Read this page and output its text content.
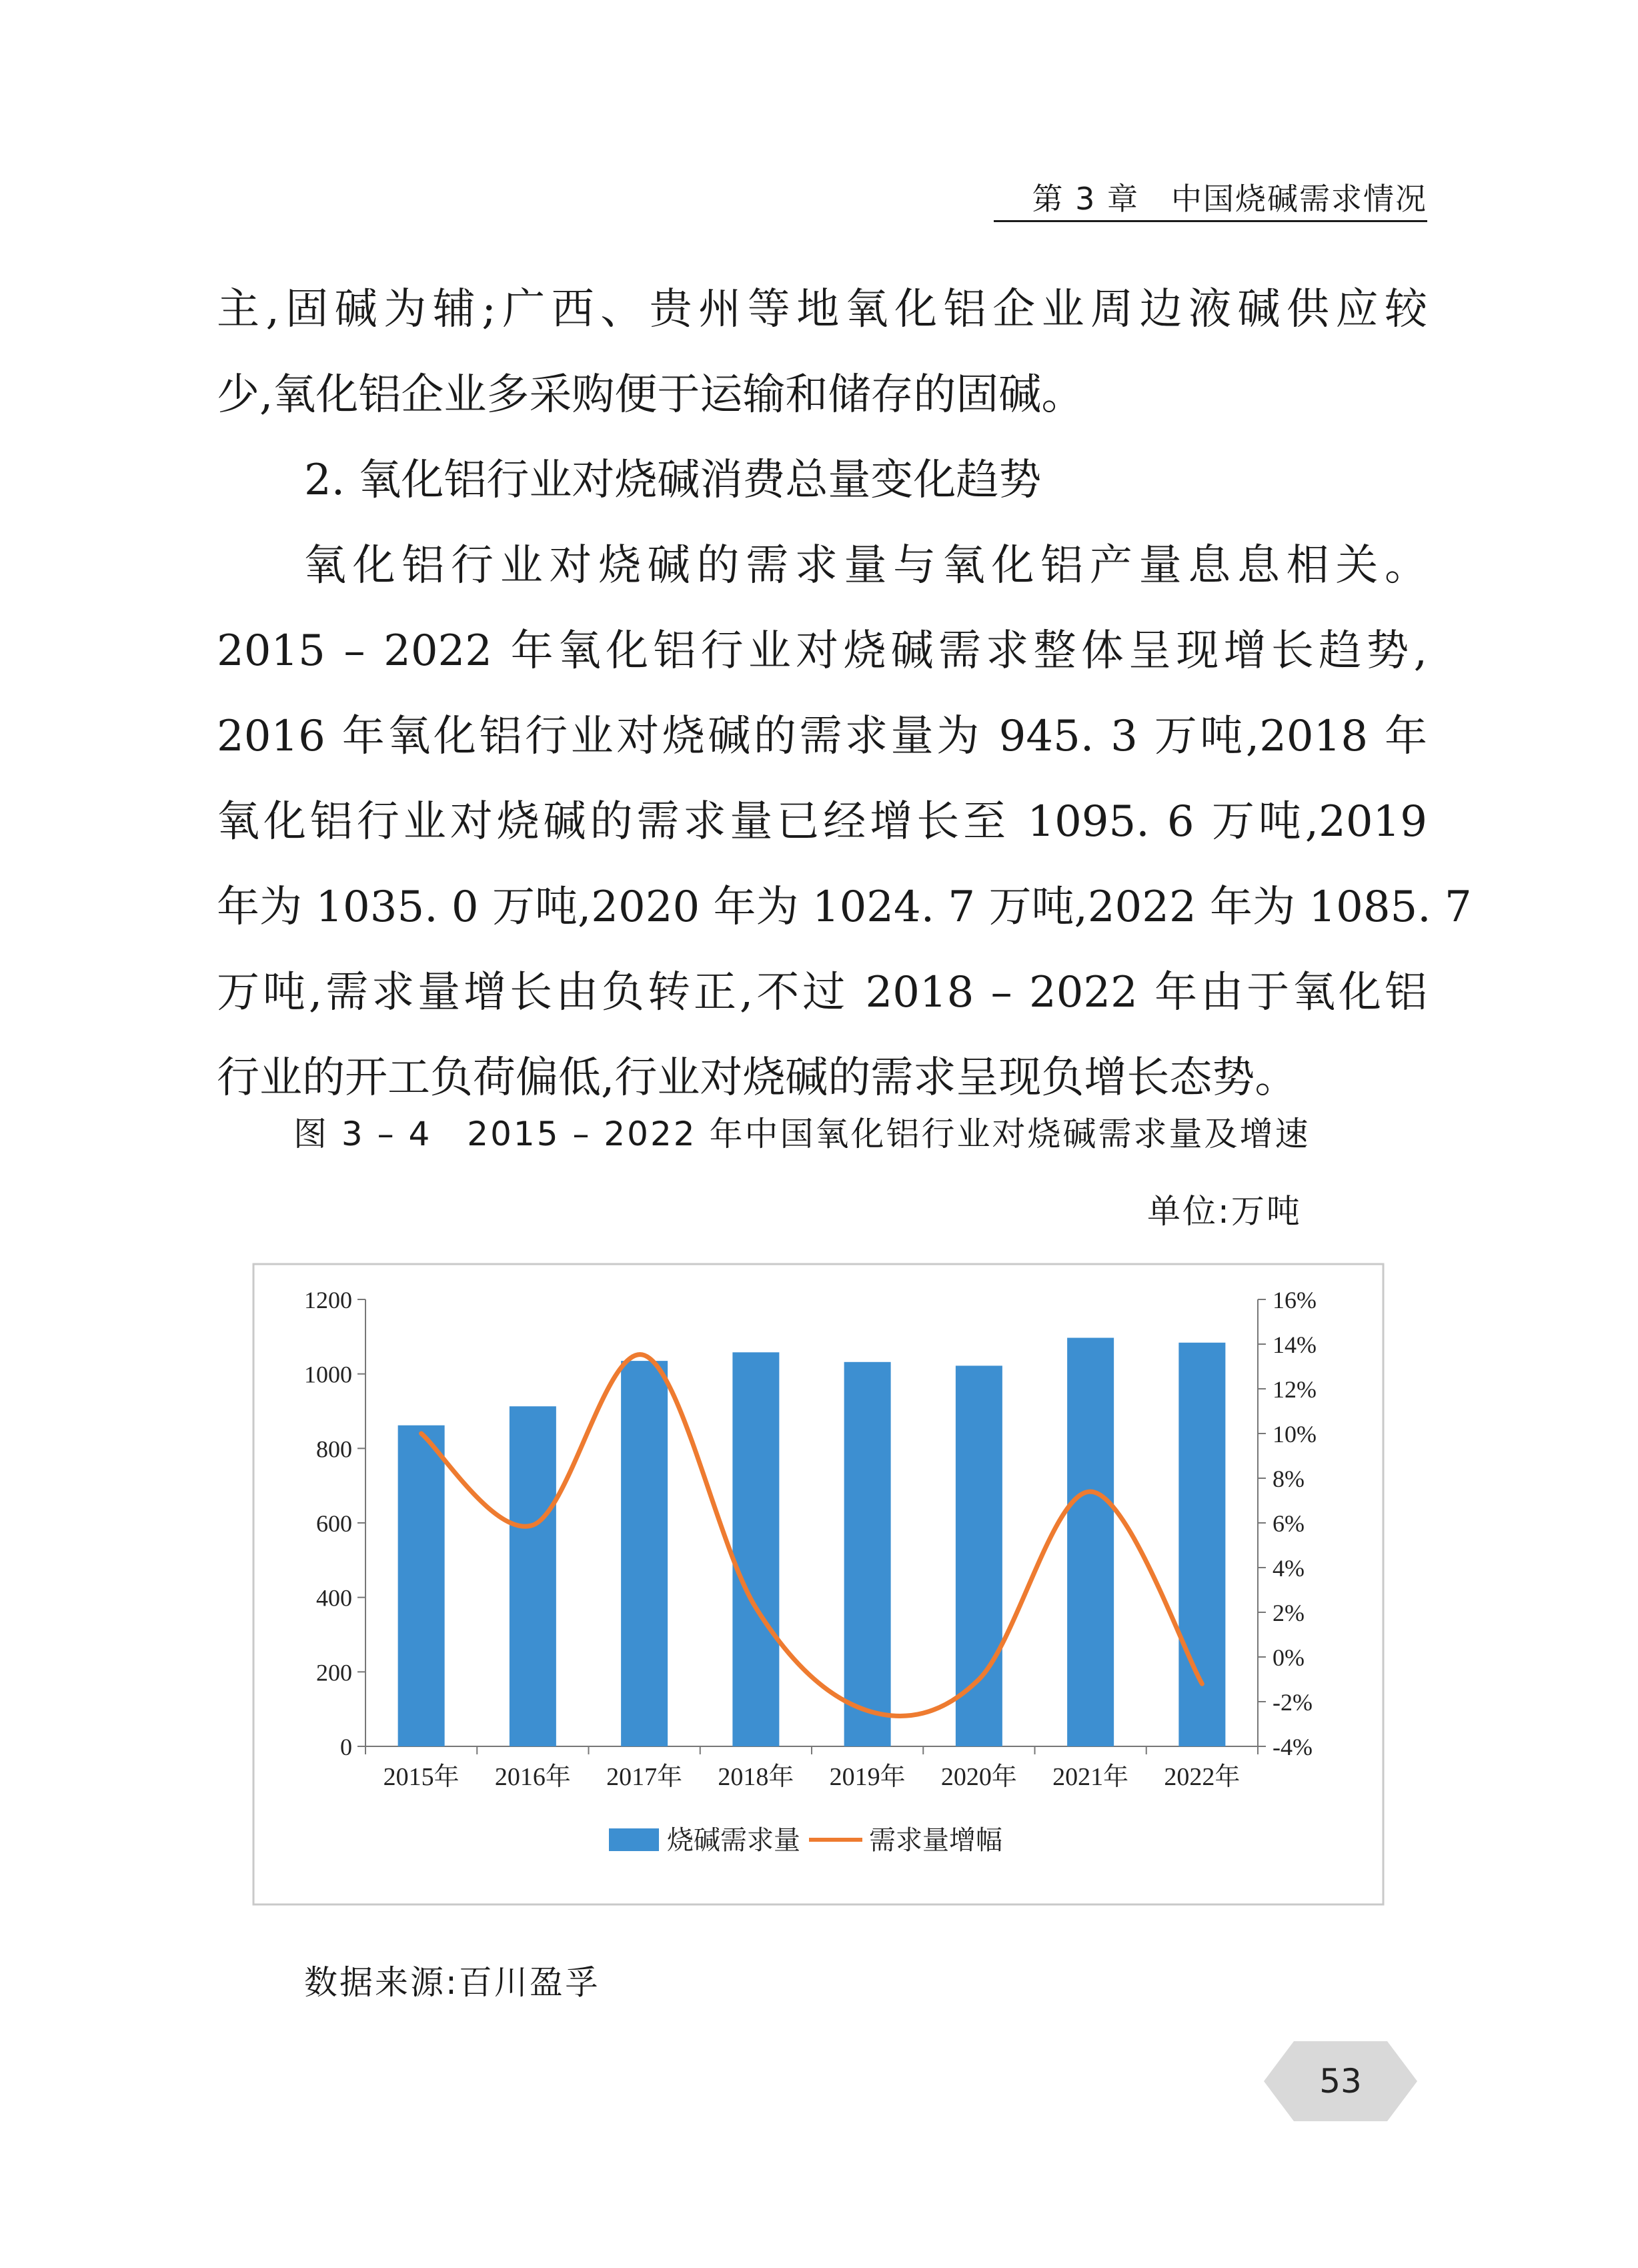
第 3 章　中国烧碱需求情况
主,固碱为辅;广西、贵州等地氧化铝企业周边液碱供应较
少,氧化铝企业多采购便于运输和储存的固碱。
2. 氧化铝行业对烧碱消费总量变化趋势
氧化铝行业对烧碱的需求量与氧化铝产量息息相关。
2015 – 2022 年氧化铝行业对烧碱需求整体呈现增长趋势,
2016 年氧化铝行业对烧碱的需求量为 945. 3 万吨,2018 年
氧化铝行业对烧碱的需求量已经增长至 1095. 6 万吨,2019
年为 1035. 0 万吨,2020 年为 1024. 7 万吨,2022 年为 1085. 7
万吨,需求量增长由负转正,不过 2018 – 2022 年由于氧化铝
行业的开工负荷偏低,行业对烧碱的需求呈现负增长态势。
图 3 – 4　2015 – 2022 年中国氧化铝行业对烧碱需求量及增速
单位:万吨
0
200
400
600
800
1000
1200
-4%
-2%
0%
2%
4%
6%
8%
10%
12%
14%
16%
2015年 2016年 2017年 2018年 2019年 2020年 2021年 2022年
烧碱需求量	需求量增幅
数据来源:百川盈孚
53
